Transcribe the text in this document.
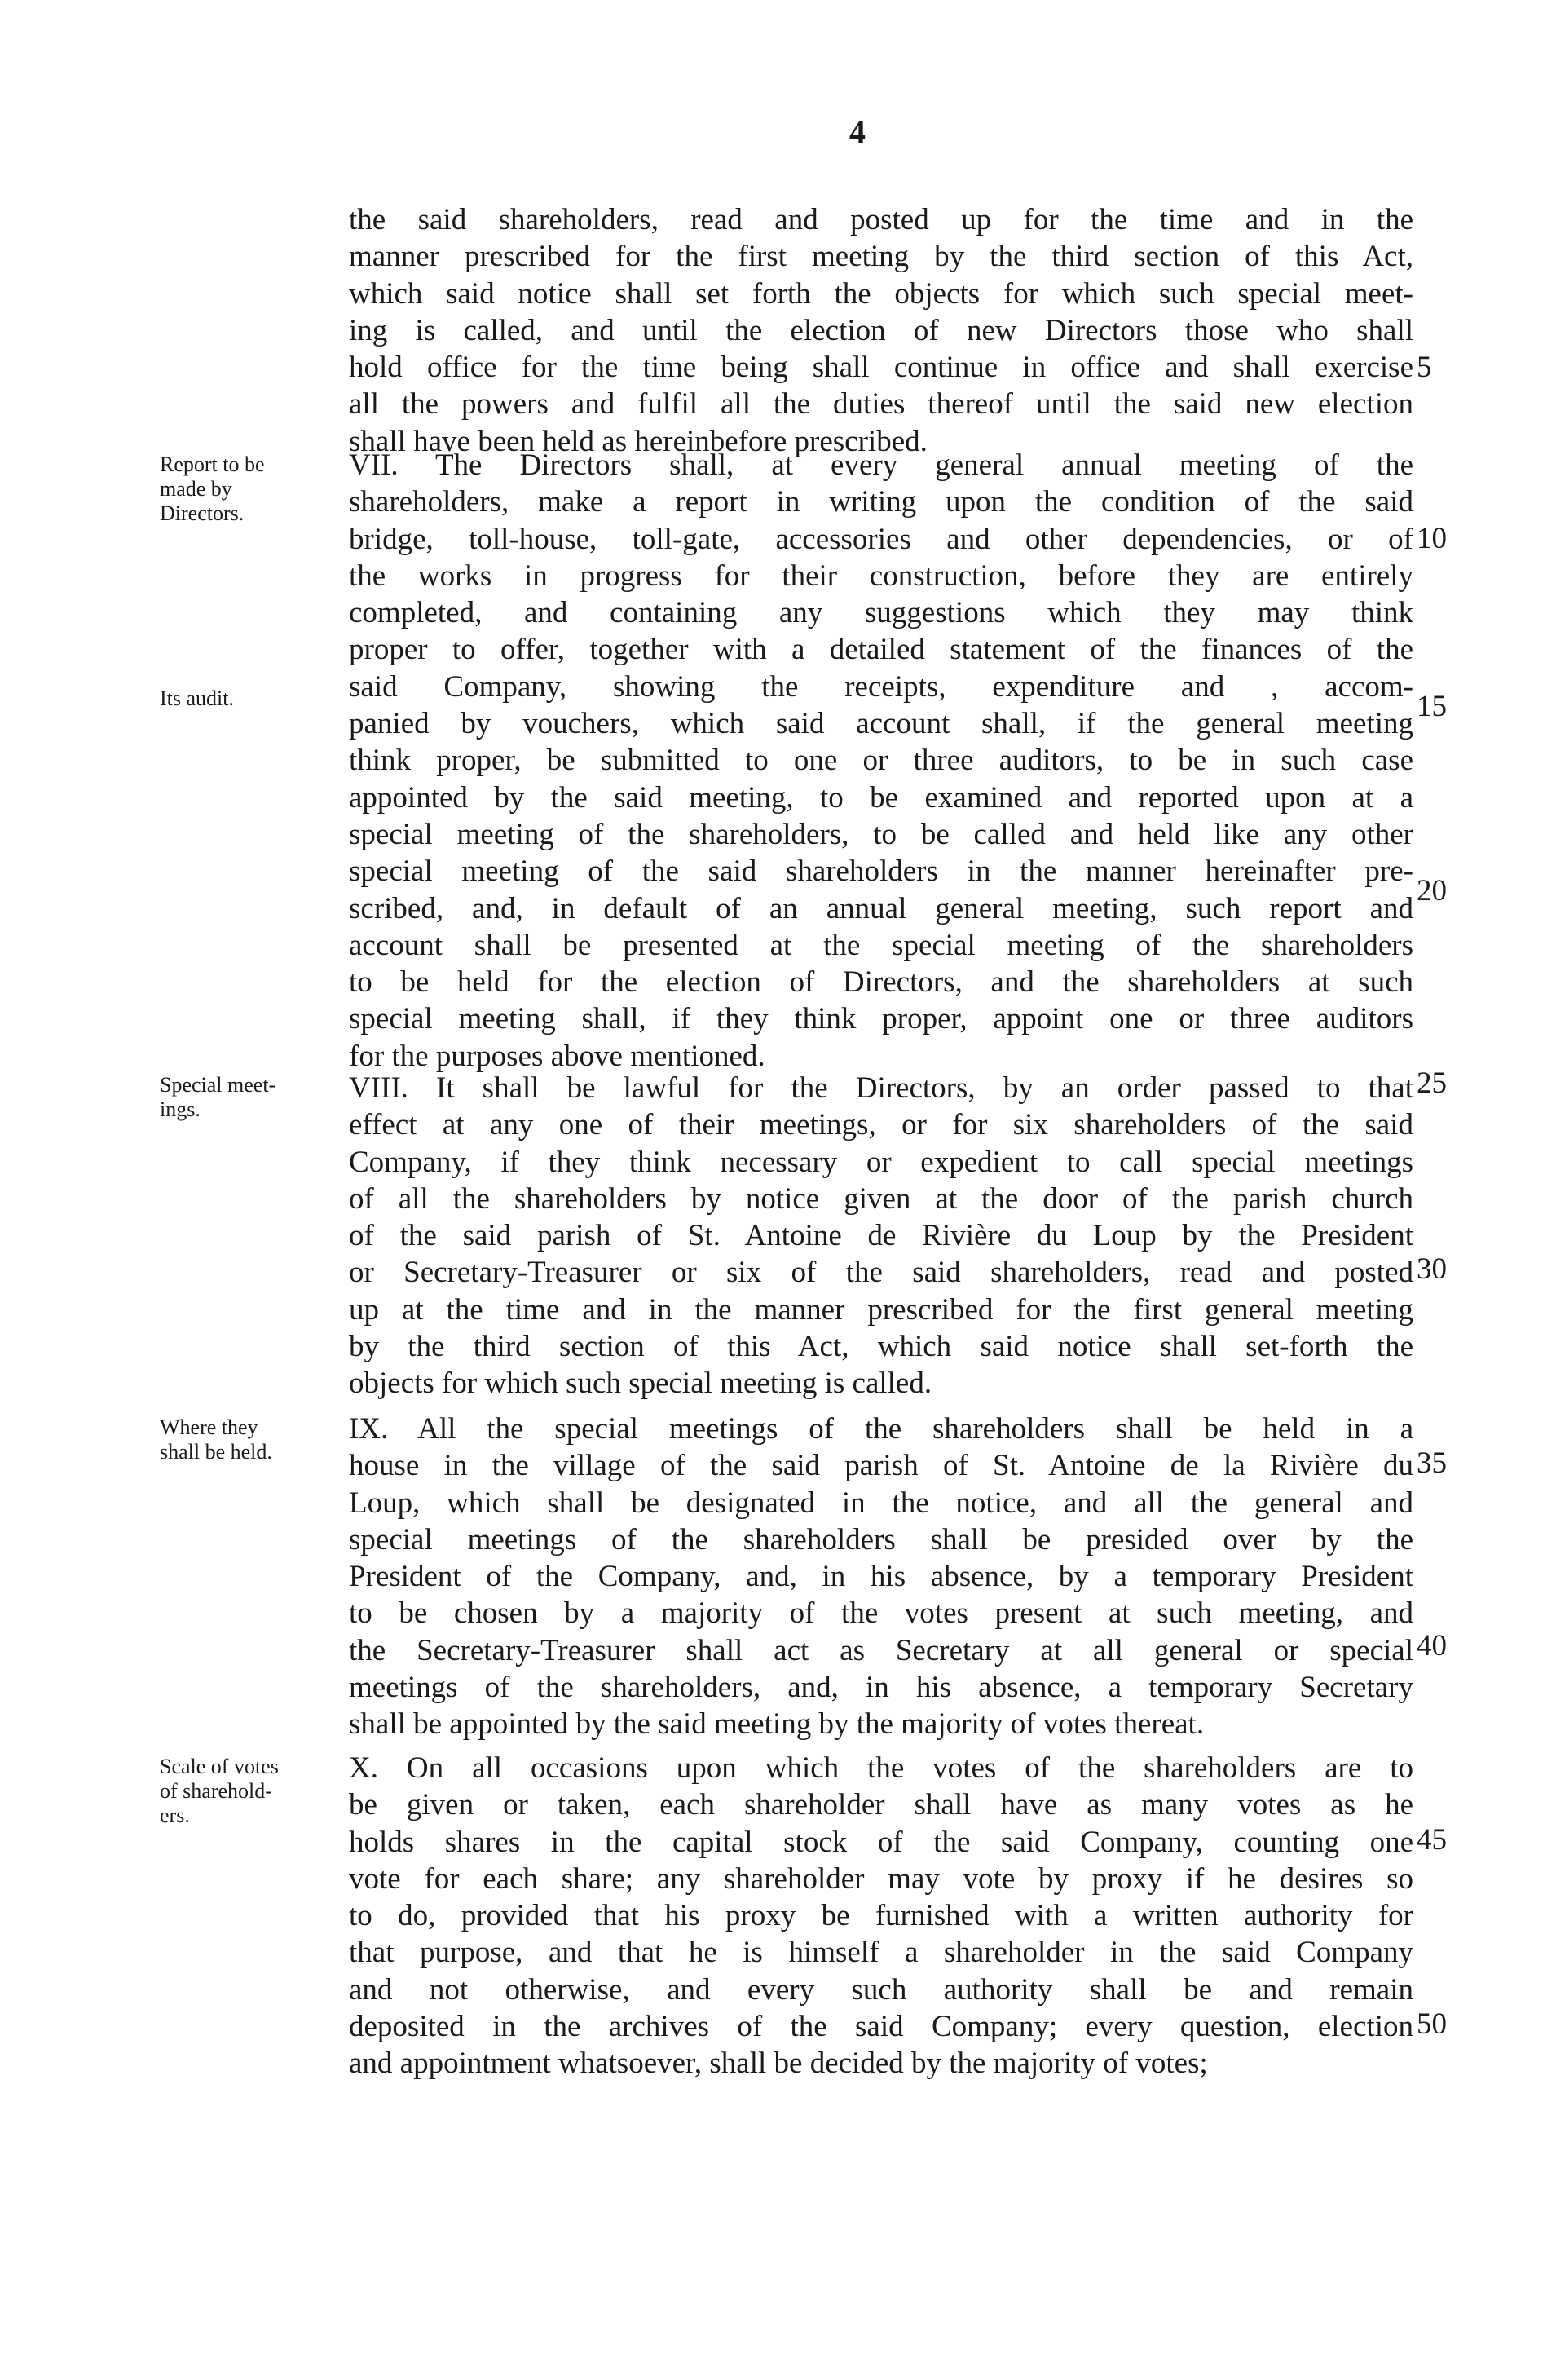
4
the said shareholders, read and posted up for the time and in the
manner prescribed for the first meeting by the third section of this Act,
which said notice shall set forth the objects for which such special meet-
ing is called, and until the election of new Directors those who shall
hold office for the time being shall continue in office and shall exercise
all the powers and fulfil all the duties thereof until the said new election
shall have been held as hereinbefore prescribed.
VII. The Directors shall, at every general annual meeting of the
shareholders, make a report in writing upon the condition of the said
bridge, toll-house, toll-gate, accessories and other dependencies, or of
the works in progress for their construction, before they are entirely
completed, and containing any suggestions which they may think
proper to offer, together with a detailed statement of the finances of the
said Company, showing the receipts, expenditure and , accom-
panied by vouchers, which said account shall, if the general meeting
think proper, be submitted to one or three auditors, to be in such case
appointed by the said meeting, to be examined and reported upon at a
special meeting of the shareholders, to be called and held like any other
special meeting of the said shareholders in the manner hereinafter pre-
scribed, and, in default of an annual general meeting, such report and
account shall be presented at the special meeting of the shareholders
to be held for the election of Directors, and the shareholders at such
special meeting shall, if they think proper, appoint one or three auditors
for the purposes above mentioned.
VIII. It shall be lawful for the Directors, by an order passed to that
effect at any one of their meetings, or for six shareholders of the said
Company, if they think necessary or expedient to call special meetings
of all the shareholders by notice given at the door of the parish church
of the said parish of St. Antoine de Rivière du Loup by the President
or Secretary-Treasurer or six of the said shareholders, read and posted
up at the time and in the manner prescribed for the first general meeting
by the third section of this Act, which said notice shall set-forth the
objects for which such special meeting is called.
IX. All the special meetings of the shareholders shall be held in a
house in the village of the said parish of St. Antoine de la Rivière du
Loup, which shall be designated in the notice, and all the general and
special meetings of the shareholders shall be presided over by the
President of the Company, and, in his absence, by a temporary President
to be chosen by a majority of the votes present at such meeting, and
the Secretary-Treasurer shall act as Secretary at all general or special
meetings of the shareholders, and, in his absence, a temporary Secretary
shall be appointed by the said meeting by the majority of votes thereat.
X. On all occasions upon which the votes of the shareholders are to
be given or taken, each shareholder shall have as many votes as he
holds shares in the capital stock of the said Company, counting one
vote for each share; any shareholder may vote by proxy if he desires so
to do, provided that his proxy be furnished with a written authority for
that purpose, and that he is himself a shareholder in the said Company
and not otherwise, and every such authority shall be and remain
deposited in the archives of the said Company; every question, election
and appointment whatsoever, shall be decided by the majority of votes;
Report to be
made by
Directors.
Its audit.
Special meet-
ings.
Where they
shall be held.
Scale of votes
of sharehold-
ers.
5
10
15
20
25
30
35
40
45
50
